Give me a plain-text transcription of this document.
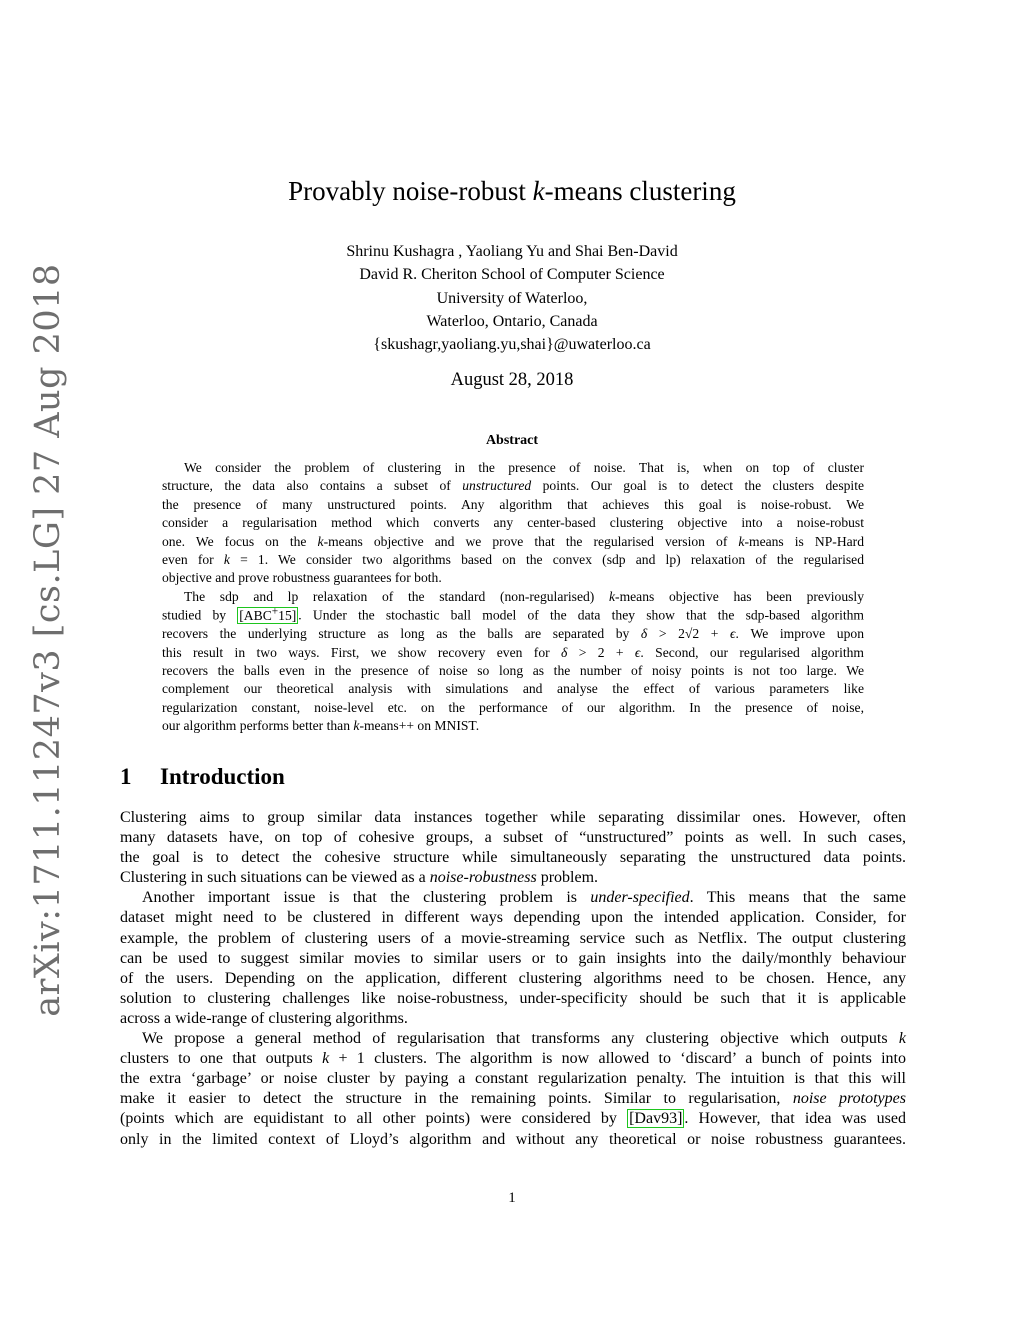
arXiv:1711.11247v3 [cs.LG] 27 Aug 2018
Provably noise-robust k-means clustering
Shrinu Kushagra , Yaoliang Yu and Shai Ben-David
David R. Cheriton School of Computer Science
University of Waterloo,
Waterloo, Ontario, Canada
{skushagr,yaoliang.yu,shai}@uwaterloo.ca
August 28, 2018
Abstract
We consider the problem of clustering in the presence of noise. That is, when on top of cluster
structure, the data also contains a subset of unstructured points. Our goal is to detect the clusters despite
the presence of many unstructured points. Any algorithm that achieves this goal is noise-robust. We
consider a regularisation method which converts any center-based clustering objective into a noise-robust
one. We focus on the k-means objective and we prove that the regularised version of k-means is NP-Hard
even for k = 1. We consider two algorithms based on the convex (sdp and lp) relaxation of the regularised
objective and prove robustness guarantees for both.
The sdp and lp relaxation of the standard (non-regularised) k-means objective has been previously
studied by [ABC+15] . Under the stochastic ball model of the data they show that the sdp-based algorithm
recovers the underlying structure as long as the balls are separated by δ > 2√2 + ϵ. We improve upon
this result in two ways. First, we show recovery even for δ > 2 + ϵ. Second, our regularised algorithm
recovers the balls even in the presence of noise so long as the number of noisy points is not too large. We
complement our theoretical analysis with simulations and analyse the effect of various parameters like
regularization constant, noise-level etc. on the performance of our algorithm. In the presence of noise,
our algorithm performs better than k-means++ on MNIST.
1 Introduction
Clustering aims to group similar data instances together while separating dissimilar ones. However, often
many datasets have, on top of cohesive groups, a subset of “unstructured” points as well. In such cases,
the goal is to detect the cohesive structure while simultaneously separating the unstructured data points.
Clustering in such situations can be viewed as a noise-robustness problem.
Another important issue is that the clustering problem is under-specified. This means that the same
dataset might need to be clustered in different ways depending upon the intended application. Consider, for
example, the problem of clustering users of a movie-streaming service such as Netflix. The output clustering
can be used to suggest similar movies to similar users or to gain insights into the daily/monthly behaviour
of the users. Depending on the application, different clustering algorithms need to be chosen. Hence, any
solution to clustering challenges like noise-robustness, under-specificity should be such that it is applicable
across a wide-range of clustering algorithms.
We propose a general method of regularisation that transforms any clustering objective which outputs k
clusters to one that outputs k + 1 clusters. The algorithm is now allowed to ‘discard’ a bunch of points into
the extra ‘garbage’ or noise cluster by paying a constant regularization penalty. The intuition is that this will
make it easier to detect the structure in the remaining points. Similar to regularisation, noise prototypes
(points which are equidistant to all other points) were considered by [Dav93] . However, that idea was used
only in the limited context of Lloyd’s algorithm and without any theoretical or noise robustness guarantees.
1
